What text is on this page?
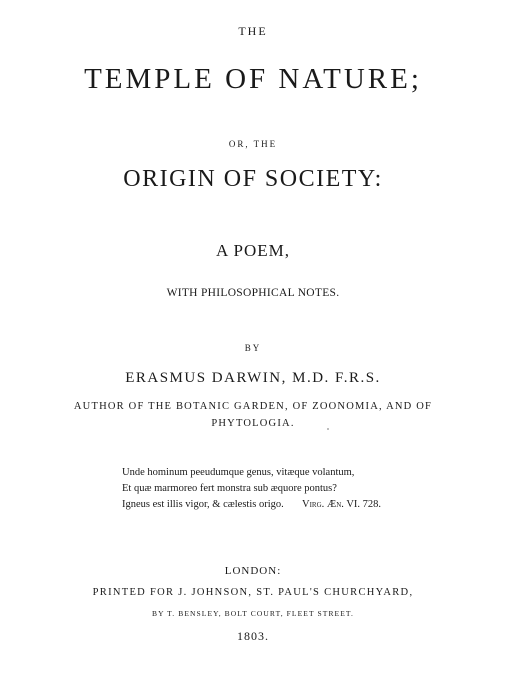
THE
TEMPLE OF NATURE;
OR, THE
ORIGIN OF SOCIETY:
A POEM,
WITH PHILOSOPHICAL NOTES.
BY
ERASMUS DARWIN, M.D. F.R.S.
AUTHOR OF THE BOTANIC GARDEN, OF ZOONOMIA, AND OF
PHYTOLOGIA.
Unde hominum peeudumque genus, vitæque volantum,
Et quæ marmoreo fert monstra sub æquore pontus?
Igneus est illis vigor, & cælestis origo.	Virg. Æn. VI. 728.
LONDON:
PRINTED FOR J. JOHNSON, ST. PAUL'S CHURCHYARD,
BY T. BENSLEY, BOLT COURT, FLEET STREET.
1803.
